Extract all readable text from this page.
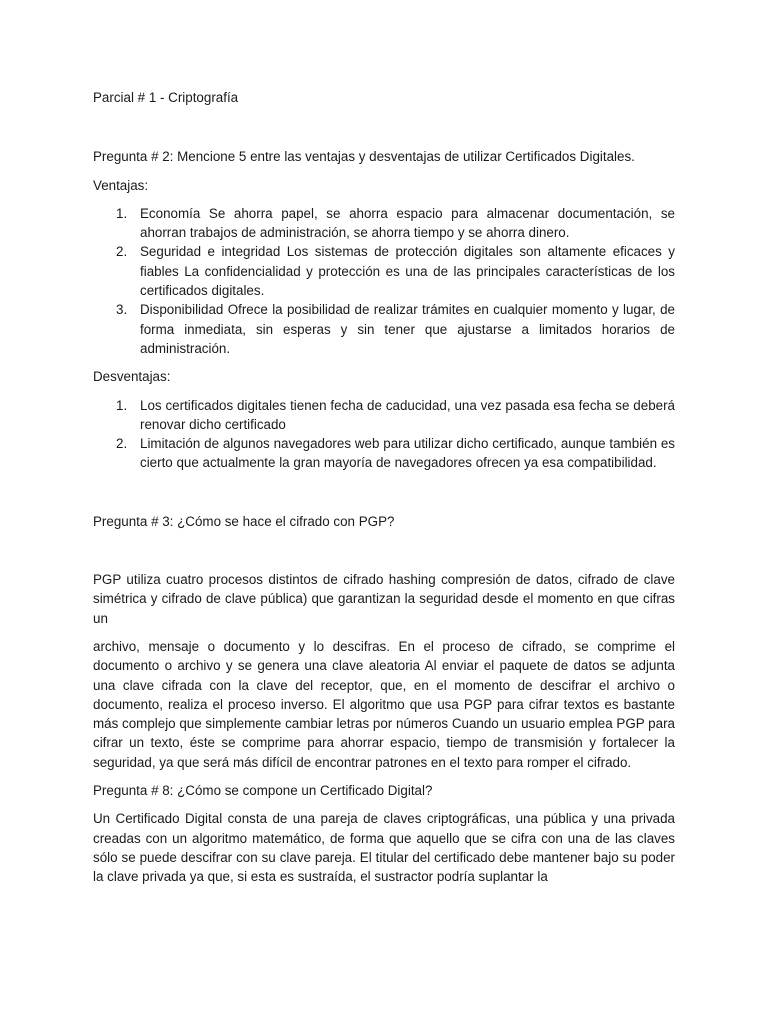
Parcial # 1 - Criptografía

Pregunta # 2: Mencione 5 entre las ventajas y desventajas de utilizar Certificados Digitales.

Ventajas:

1. Economía Se ahorra papel, se ahorra espacio para almacenar documentación, se ahorran trabajos de administración, se ahorra tiempo y se ahorra dinero.
2. Seguridad e integridad Los sistemas de protección digitales son altamente eficaces y fiables La confidencialidad y protección es una de las principales características de los certificados digitales.
3. Disponibilidad Ofrece la posibilidad de realizar trámites en cualquier momento y lugar, de forma inmediata, sin esperas y sin tener que ajustarse a limitados horarios de administración.

Desventajas:

1. Los certificados digitales tienen fecha de caducidad, una vez pasada esa fecha se deberá renovar dicho certificado
2. Limitación de algunos navegadores web para utilizar dicho certificado, aunque también es cierto que actualmente la gran mayoría de navegadores ofrecen ya esa compatibilidad.

Pregunta # 3: ¿Cómo se hace el cifrado con PGP?

PGP utiliza cuatro procesos distintos de cifrado hashing compresión de datos, cifrado de clave simétrica y cifrado de clave pública) que garantizan la seguridad desde el momento en que cifras un

archivo, mensaje o documento y lo descifras. En el proceso de cifrado, se comprime el documento o archivo y se genera una clave aleatoria Al enviar el paquete de datos se adjunta una clave cifrada con la clave del receptor, que, en el momento de descifrar el archivo o documento, realiza el proceso inverso. El algoritmo que usa PGP para cifrar textos es bastante más complejo que simplemente cambiar letras por números Cuando un usuario emplea PGP para cifrar un texto, éste se comprime para ahorrar espacio, tiempo de transmisión y fortalecer la seguridad, ya que será más difícil de encontrar patrones en el texto para romper el cifrado.

Pregunta # 8: ¿Cómo se compone un Certificado Digital?

Un Certificado Digital consta de una pareja de claves criptográficas, una pública y una privada creadas con un algoritmo matemático, de forma que aquello que se cifra con una de las claves sólo se puede descifrar con su clave pareja. El titular del certificado debe mantener bajo su poder la clave privada ya que, si esta es sustraída, el sustractor podría suplantar la
